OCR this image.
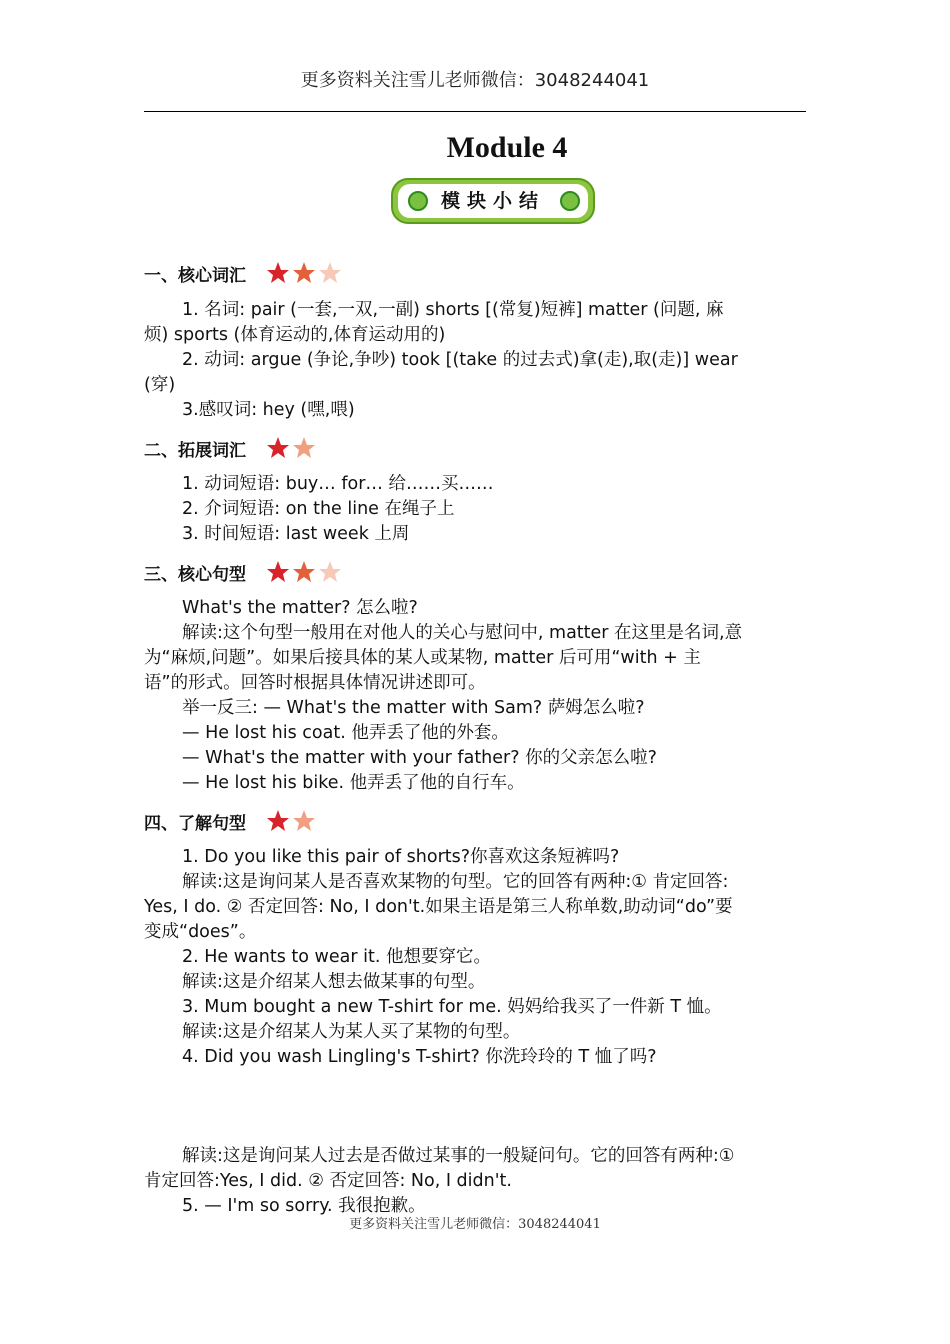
更多资料关注雪儿老师微信：3048244041
Module 4
模块小结
一、核心词汇
1. 名词: pair (一套,一双,一副) shorts [(常复)短裤] matter (问题, 麻
烦) sports (体育运动的,体育运动用的)
2. 动词: argue (争论,争吵) took [(take 的过去式)拿(走),取(走)] wear
(穿)
3.感叹词: hey (嘿,喂)
二、拓展词汇
1. 动词短语: buy… for… 给……买……
2. 介词短语: on the line 在绳子上
3. 时间短语: last week 上周
三、核心句型
What's the matter? 怎么啦?
解读:这个句型一般用在对他人的关心与慰问中, matter 在这里是名词,意
为“麻烦,问题”。如果后接具体的某人或某物, matter 后可用“with + 主
语”的形式。回答时根据具体情况讲述即可。
举一反三: — What's the matter with Sam? 萨姆怎么啦?
— He lost his coat. 他弄丢了他的外套。
— What's the matter with your father? 你的父亲怎么啦?
— He lost his bike. 他弄丢了他的自行车。
四、了解句型
1. Do you like this pair of shorts?你喜欢这条短裤吗?
解读:这是询问某人是否喜欢某物的句型。它的回答有两种:① 肯定回答:
Yes, I do. ② 否定回答: No, I don't.如果主语是第三人称单数,助动词“do”要
变成“does”。
2. He wants to wear it. 他想要穿它。
解读:这是介绍某人想去做某事的句型。
3. Mum bought a new T-shirt for me. 妈妈给我买了一件新 T 恤。
解读:这是介绍某人为某人买了某物的句型。
4. Did you wash Lingling's T-shirt? 你洗玲玲的 T 恤了吗?
解读:这是询问某人过去是否做过某事的一般疑问句。它的回答有两种:①
肯定回答:Yes, I did. ② 否定回答: No, I didn't.
5. — I'm so sorry. 我很抱歉。
更多资料关注雪儿老师微信：3048244041
